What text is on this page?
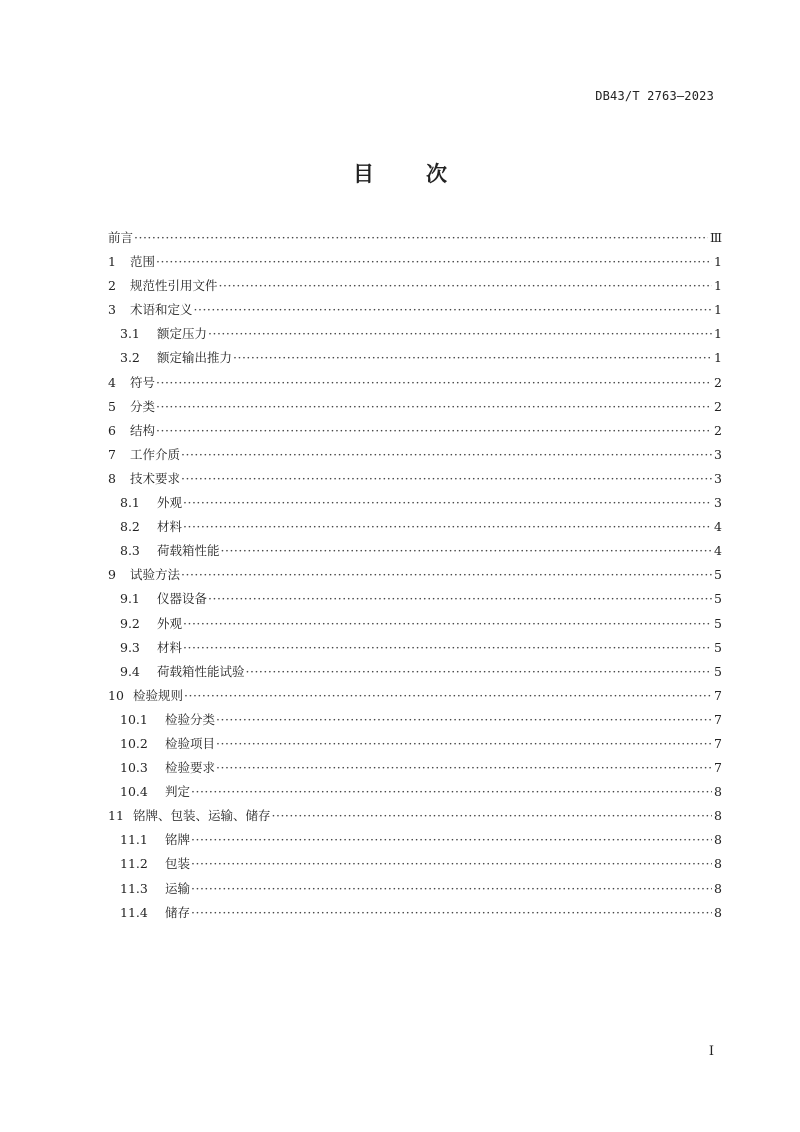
DB43/T 2763—2023
目 次
前言 ·····	Ⅲ
1	范围 ·····	1
2	规范性引用文件 ·····	1
3	术语和定义 ·····	1
3.1	额定压力 ·····	1
3.2	额定输出推力 ·····	1
4	符号 ·····	2
5	分类 ·····	2
6	结构 ·····	2
7	工作介质 ·····	3
8	技术要求 ·····	3
8.1	外观 ·····	3
8.2	材料 ·····	4
8.3	荷载箱性能 ·····	4
9	试验方法 ·····	5
9.1	仪器设备 ·····	5
9.2	外观 ·····	5
9.3	材料 ·····	5
9.4	荷载箱性能试验 ·····	5
10 检验规则 ·····	7
10.1	检验分类 ·····	7
10.2	检验项目 ·····	7
10.3	检验要求 ·····	7
10.4	判定 ·····	8
11 铭牌、包装、运输、储存 ·····	8
11.1	铭牌 ·····	8
11.2	包装 ·····	8
11.3	运输 ·····	8
11.4	储存 ·····	8
I
